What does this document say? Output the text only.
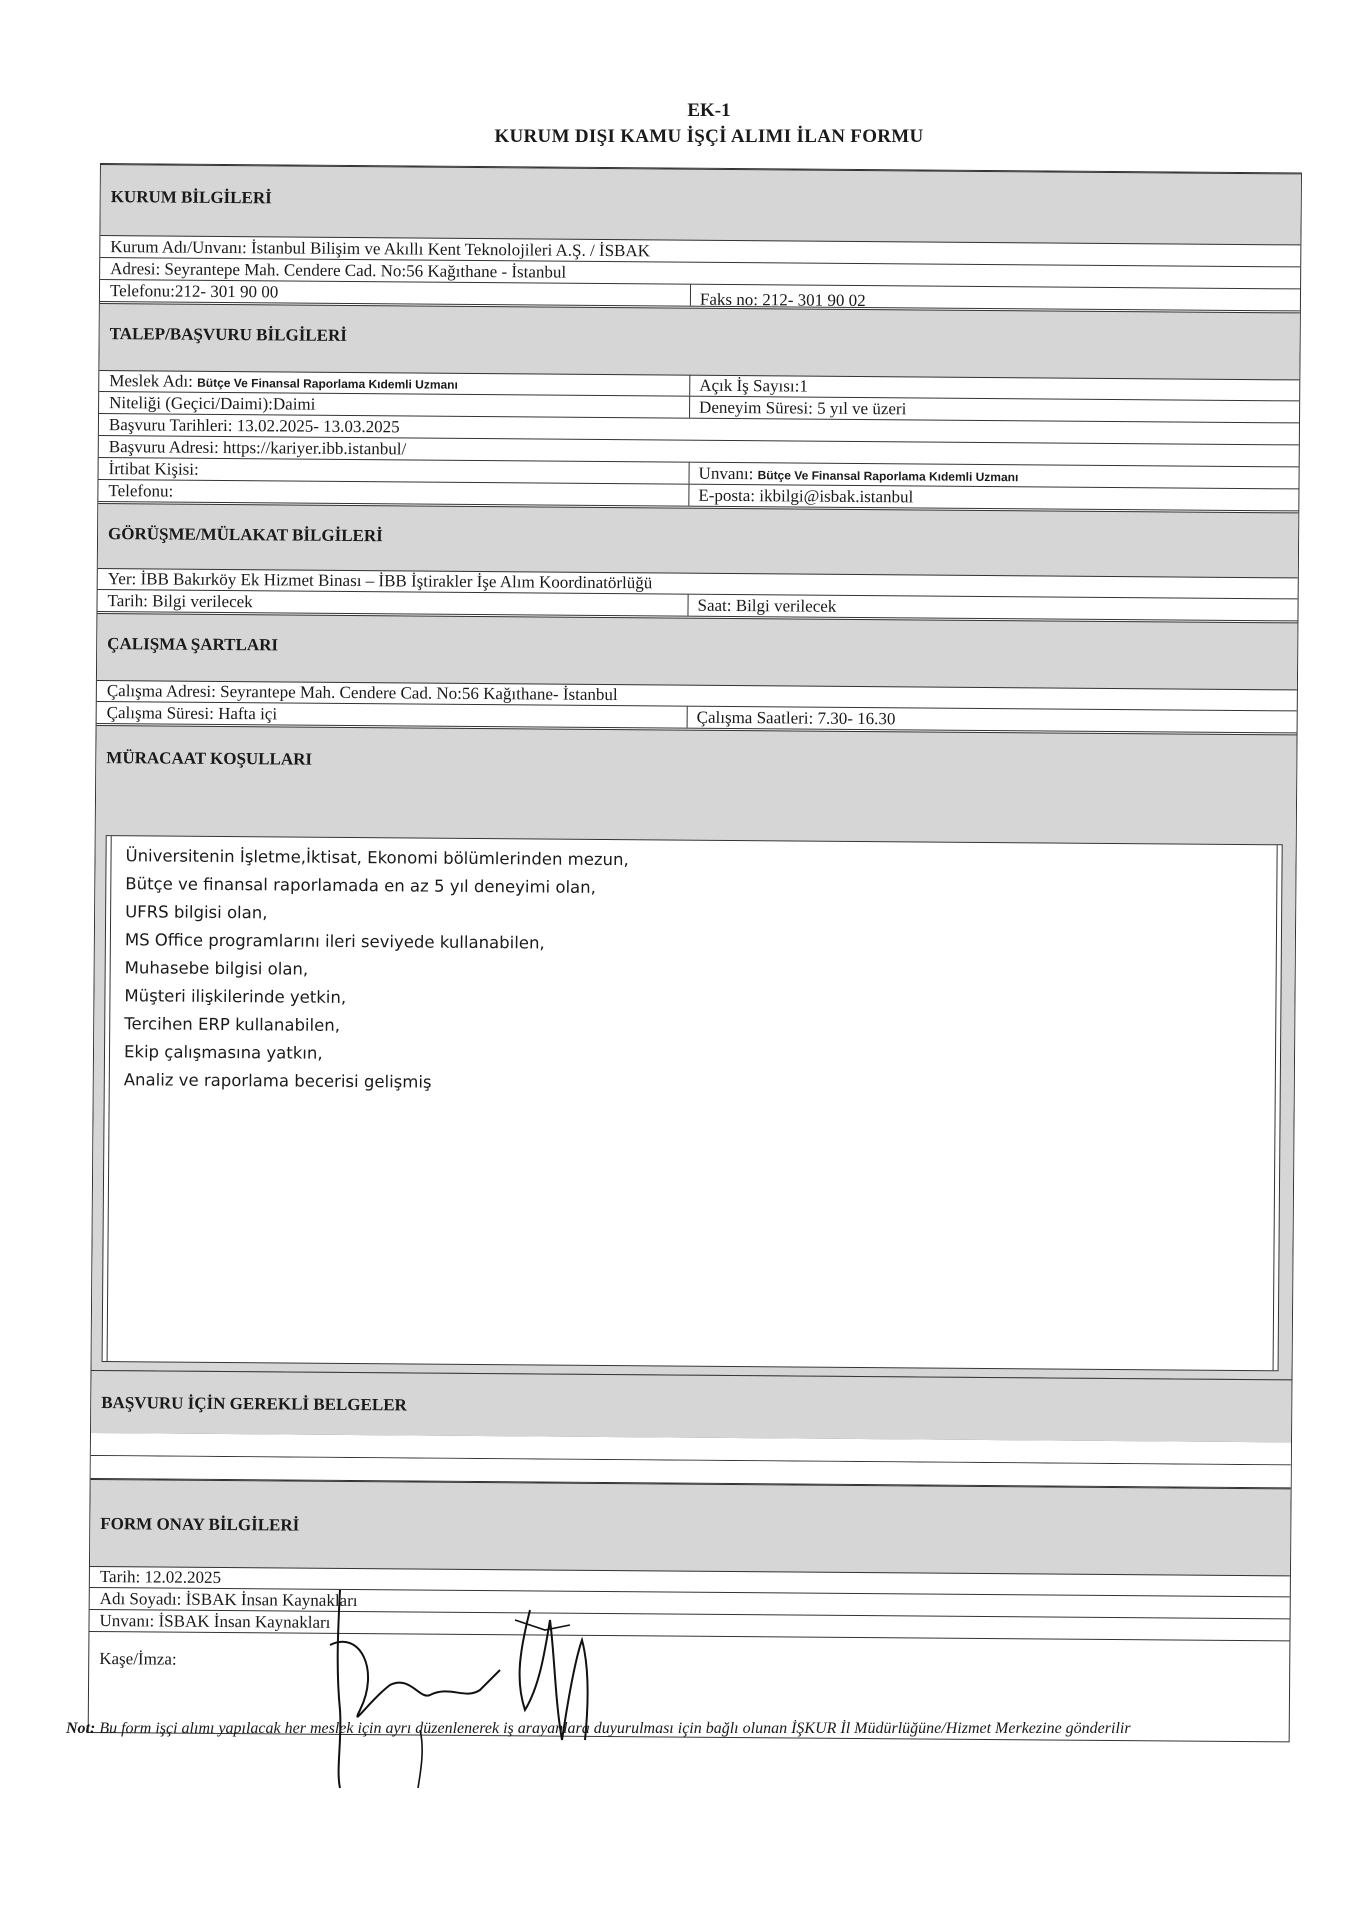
EK-1
KURUM DIŞI KAMU İŞÇİ ALIMI İLAN FORMU
KURUM BİLGİLERİ
Kurum Adı/Unvanı: İstanbul Bilişim ve Akıllı Kent Teknolojileri A.Ş. / İSBAK
Adresi: Seyrantepe Mah. Cendere Cad. No:56 Kağıthane - İstanbul
Telefonu:212- 301 90 00	Faks no: 212- 301 90 02
TALEP/BAŞVURU BİLGİLERİ
Meslek Adı: Bütçe Ve Finansal Raporlama Kıdemli Uzmanı	Açık İş Sayısı:1
Niteliği (Geçici/Daimi):Daimi	Deneyim Süresi: 5 yıl ve üzeri
Başvuru Tarihleri: 13.02.2025- 13.03.2025
Başvuru Adresi: https://kariyer.ibb.istanbul/
İrtibat Kişisi:	Unvanı: Bütçe Ve Finansal Raporlama Kıdemli Uzmanı
Telefonu:	E-posta: ikbilgi@isbak.istanbul
GÖRÜŞME/MÜLAKAT BİLGİLERİ
Yer: İBB Bakırköy Ek Hizmet Binası – İBB İştirakler İşe Alım Koordinatörlüğü
Tarih: Bilgi verilecek	Saat: Bilgi verilecek
ÇALIŞMA ŞARTLARI
Çalışma Adresi: Seyrantepe Mah. Cendere Cad. No:56 Kağıthane- İstanbul
Çalışma Süresi: Hafta içi	Çalışma Saatleri: 7.30- 16.30
MÜRACAAT KOŞULLARI
Üniversitenin İşletme,İktisat, Ekonomi bölümlerinden mezun,
Bütçe ve finansal raporlamada en az 5 yıl deneyimi olan,
UFRS bilgisi olan,
MS Office programlarını ileri seviyede kullanabilen,
Muhasebe bilgisi olan,
Müşteri ilişkilerinde yetkin,
Tercihen ERP kullanabilen,
Ekip çalışmasına yatkın,
Analiz ve raporlama becerisi gelişmiş
BAŞVURU İÇİN GEREKLİ BELGELER
FORM ONAY BİLGİLERİ
Tarih: 12.02.2025
Adı Soyadı: İSBAK İnsan Kaynakları
Unvanı: İSBAK İnsan Kaynakları
Kaşe/İmza:
Not: Bu form işçi alımı yapılacak her meslek için ayrı düzenlenerek iş arayanlara duyurulması için bağlı olunan İŞKUR İl Müdürlüğüne/Hizmet Merkezine gönderilir
